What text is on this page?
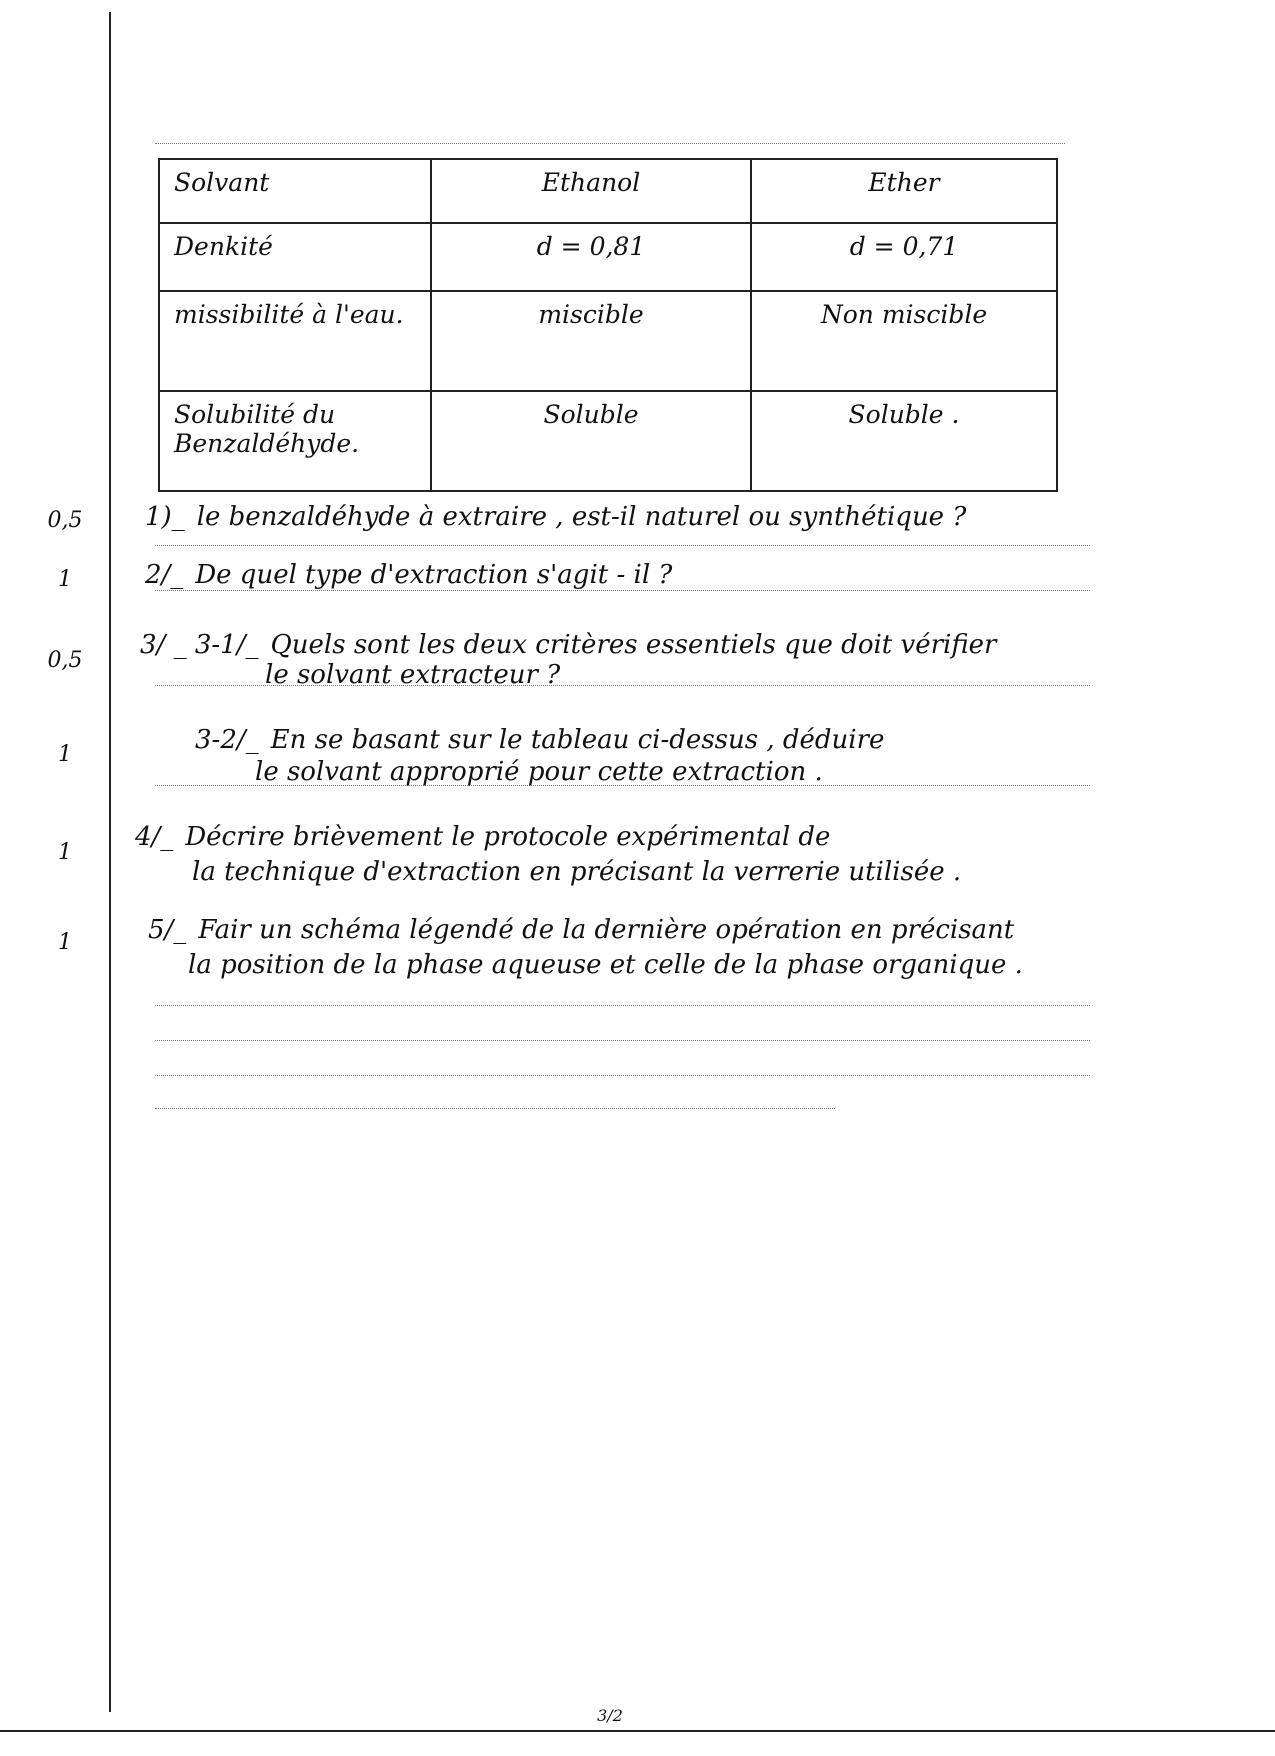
Solvant	Ethanol	Ether
Denkité	d = 0,81	d = 0,71
missibilité à l'eau.	miscible	Non miscible
Solubilité du Benzaldéhyde.	Soluble	Soluble .
0,5 1)_ le benzaldéhyde à extraire , est-il naturel ou synthétique ?
1	2/_ De quel type d'extraction s'agit - il ?
0,5
3/ _ 3-1/_ Quels sont les deux critères essentiels que doit vérifier
le solvant extracteur ?
1	3-2/_ En se basant sur le tableau ci-dessus , déduire
le solvant approprié pour cette extraction .
1
4/_ Décrire brièvement le protocole expérimental de
la technique d'extraction en précisant la verrerie utilisée .
1	5/_ Fair un schéma légendé de la dernière opération en précisant
la position de la phase aqueuse et celle de la phase organique .
3/2
